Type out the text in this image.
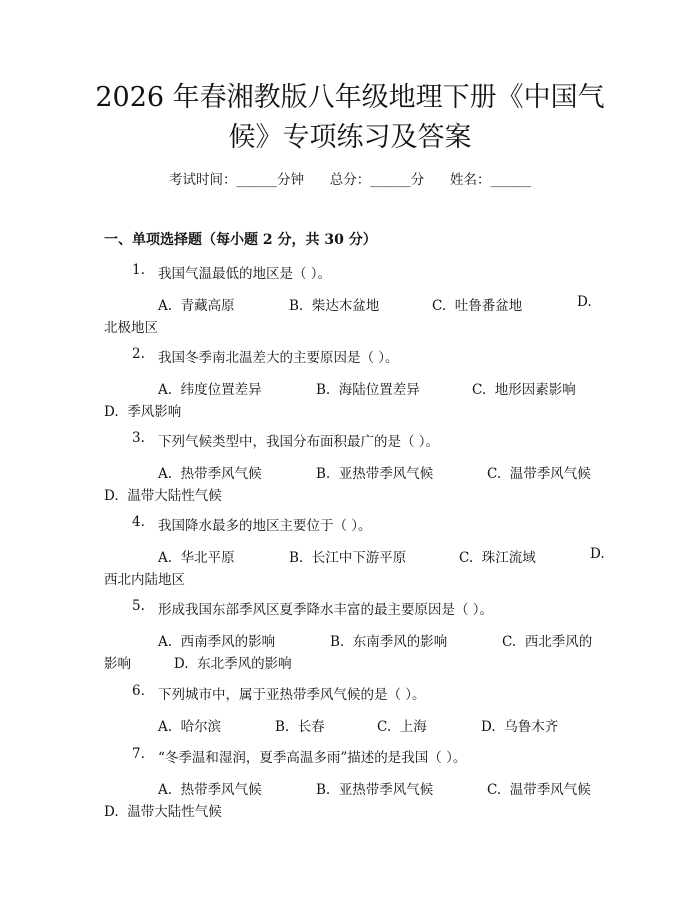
2026 年春湘教版八年级地理下册《中国气
候》专项练习及答案
考试时间：______分钟      总分：______分      姓名：______
一、单项选择题（每小题 2 分，共 30 分）
1. 我国气温最低的地区是（ ）。
A.  青藏高原	B.  柴达木盆地	C.  吐鲁番盆地	D.
北极地区
2. 我国冬季南北温差大的主要原因是（ ）。
A.  纬度位置差异	B.  海陆位置差异	C.  地形因素影响
D.  季风影响
3. 下列气候类型中，我国分布面积最广的是（ ）。
A.  热带季风气候	B.  亚热带季风气候	C.  温带季风气候
D.  温带大陆性气候
4. 我国降水最多的地区主要位于（ ）。
A.  华北平原	B.  长江中下游平原	C.  珠江流域	D.
西北内陆地区
5. 形成我国东部季风区夏季降水丰富的最主要原因是（ ）。
A.  西南季风的影响	B.  东南季风的影响	C.  西北季风的
影响          D.  东北季风的影响
6. 下列城市中，属于亚热带季风气候的是（ ）。
A.  哈尔滨	B.  长春	C.  上海	D.  乌鲁木齐
7. “冬季温和湿润，夏季高温多雨”描述的是我国（ ）。
A.  热带季风气候	B.  亚热带季风气候	C.  温带季风气候
D.  温带大陆性气候
